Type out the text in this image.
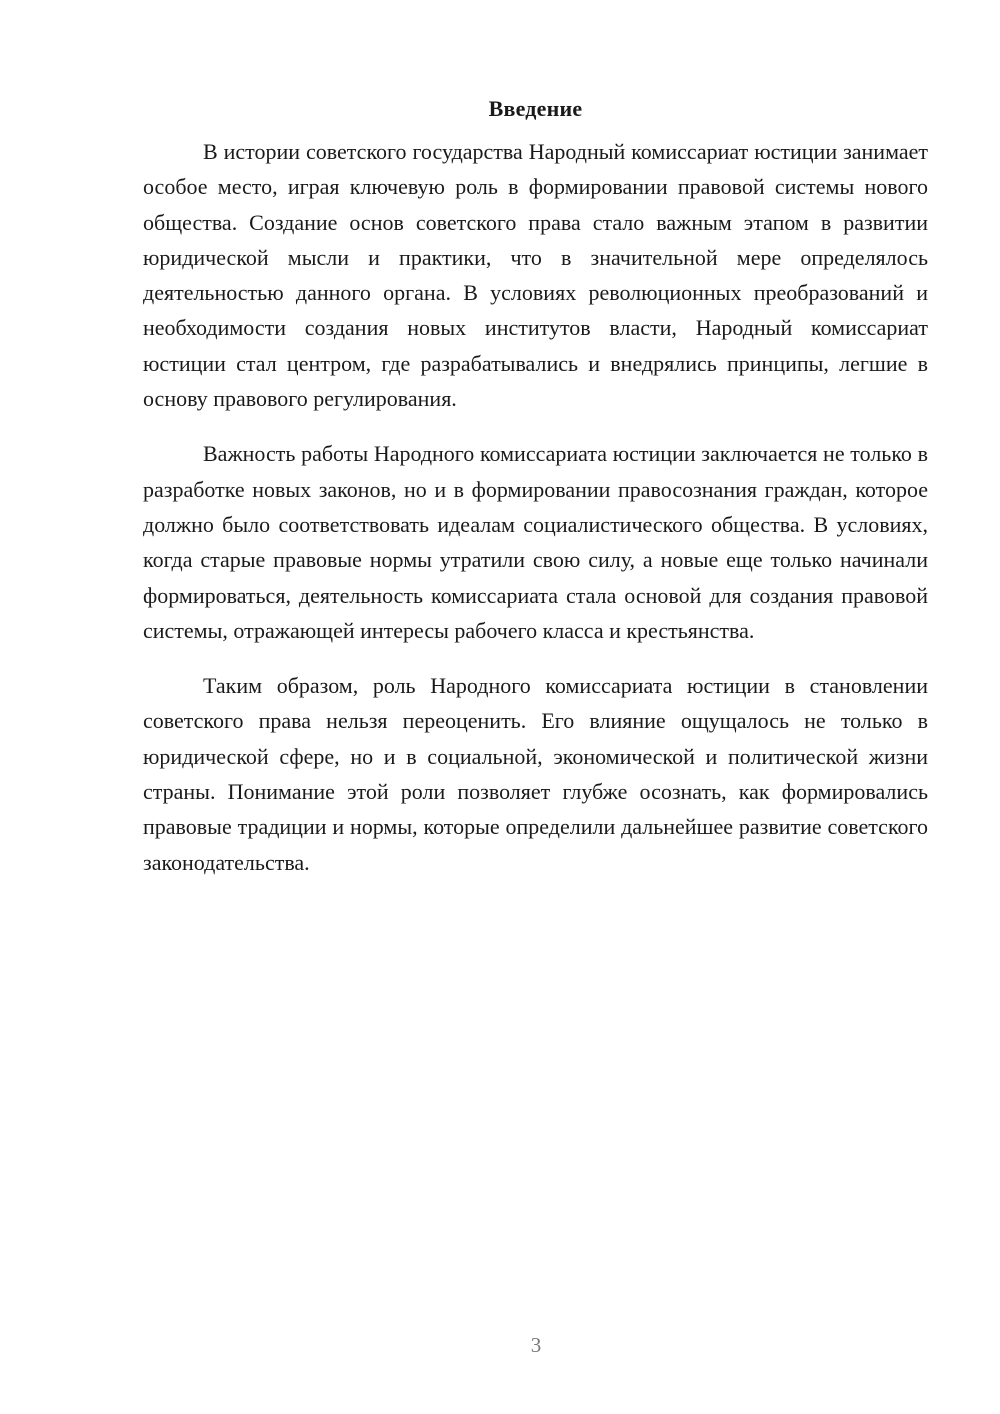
Введение

В истории советского государства Народный комиссариат юстиции занимает особое место, играя ключевую роль в формировании правовой системы нового общества. Создание основ советского права стало важным этапом в развитии юридической мысли и практики, что в значительной мере определялось деятельностью данного органа. В условиях революционных преобразований и необходимости создания новых институтов власти, Народный комиссариат юстиции стал центром, где разрабатывались и внедрялись принципы, легшие в основу правового регулирования.

Важность работы Народного комиссариата юстиции заключается не только в разработке новых законов, но и в формировании правосознания граждан, которое должно было соответствовать идеалам социалистического общества. В условиях, когда старые правовые нормы утратили свою силу, а новые еще только начинали формироваться, деятельность комиссариата стала основой для создания правовой системы, отражающей интересы рабочего класса и крестьянства.

Таким образом, роль Народного комиссариата юстиции в становлении советского права нельзя переоценить. Его влияние ощущалось не только в юридической сфере, но и в социальной, экономической и политической жизни страны. Понимание этой роли позволяет глубже осознать, как формировались правовые традиции и нормы, которые определили дальнейшее развитие советского законодательства.

3
